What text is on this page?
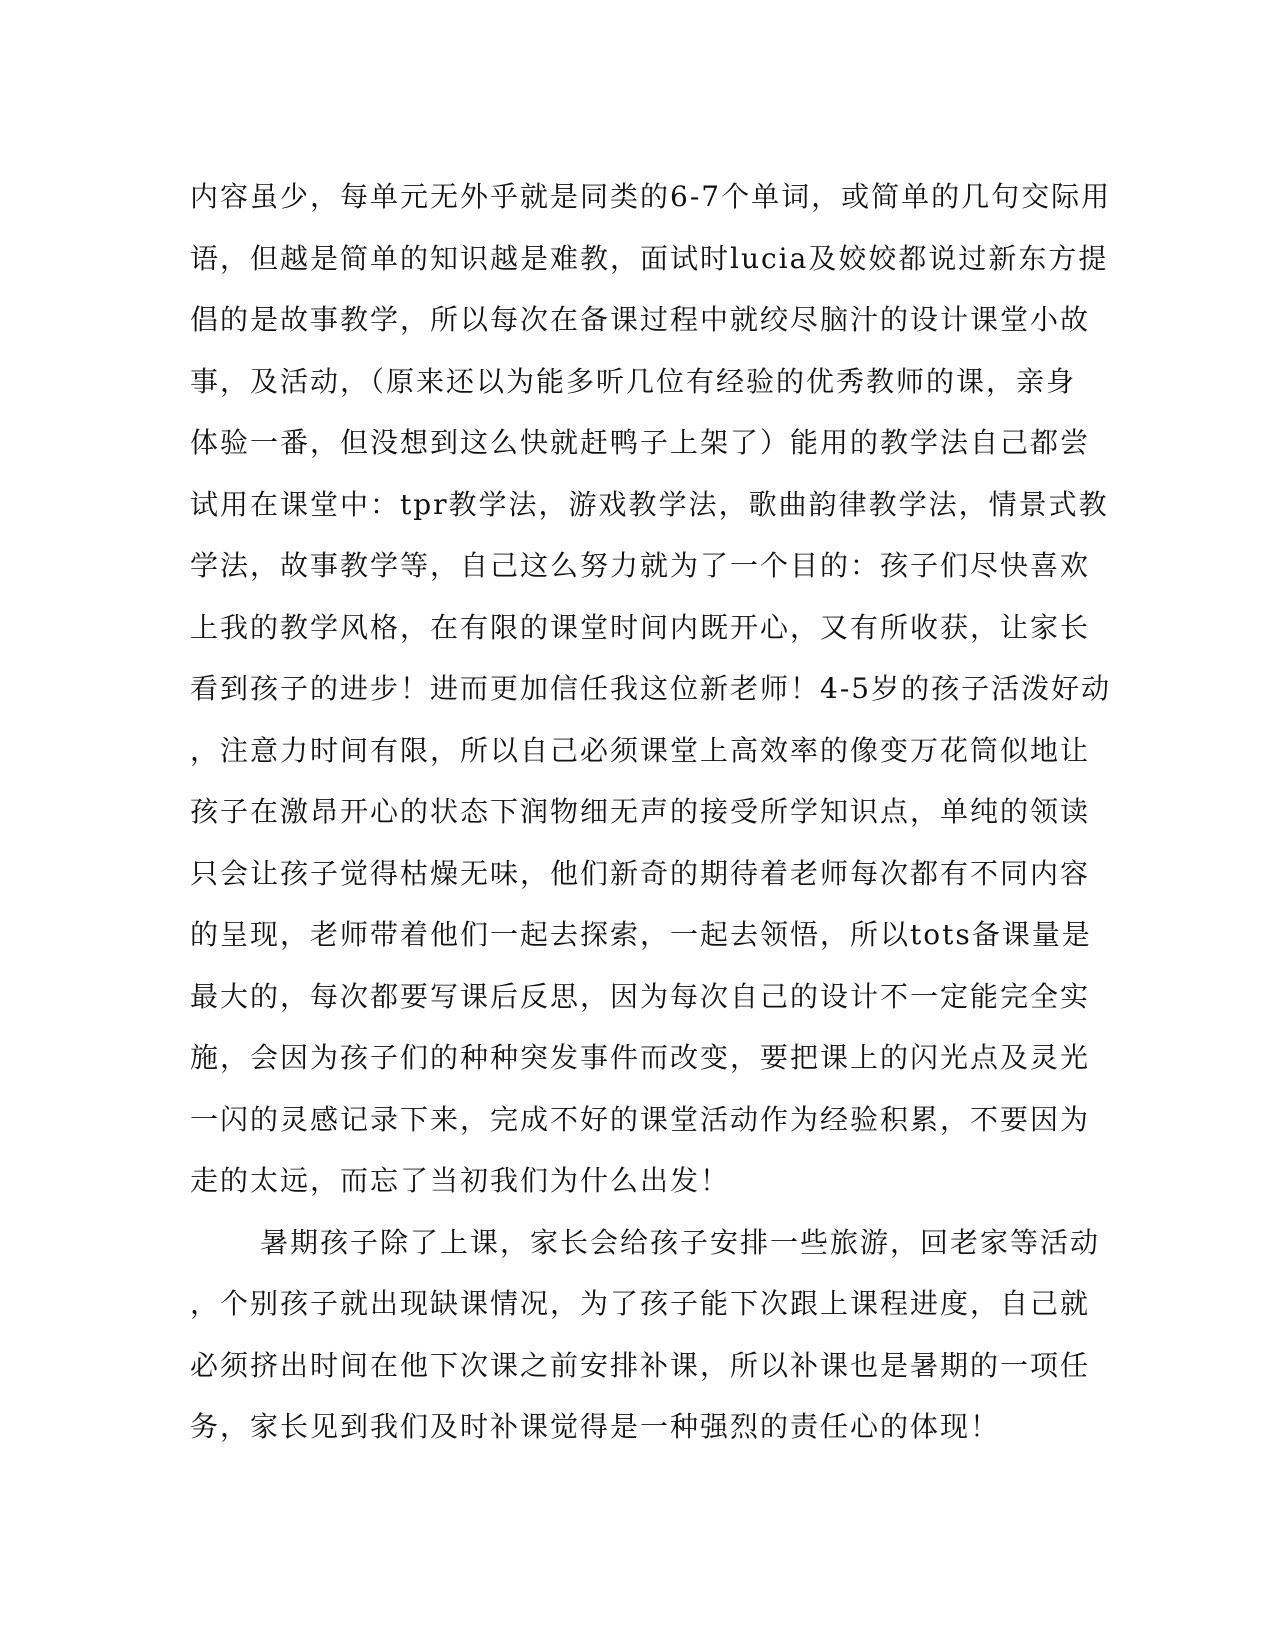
内容虽少，每单元无外乎就是同类的6-7个单词，或简单的几句交际用
语，但越是简单的知识越是难教，面试时lucia及姣姣都说过新东方提
倡的是故事教学，所以每次在备课过程中就绞尽脑汁的设计课堂小故
事，及活动，（原来还以为能多听几位有经验的优秀教师的课，亲身
体验一番，但没想到这么快就赶鸭子上架了）能用的教学法自己都尝
试用在课堂中：tpr教学法，游戏教学法，歌曲韵律教学法，情景式教
学法，故事教学等，自己这么努力就为了一个目的：孩子们尽快喜欢
上我的教学风格，在有限的课堂时间内既开心，又有所收获，让家长
看到孩子的进步！进而更加信任我这位新老师！4-5岁的孩子活泼好动
，注意力时间有限，所以自己必须课堂上高效率的像变万花筒似地让
孩子在激昂开心的状态下润物细无声的接受所学知识点，单纯的领读
只会让孩子觉得枯燥无味，他们新奇的期待着老师每次都有不同内容
的呈现，老师带着他们一起去探索，一起去领悟，所以tots备课量是
最大的，每次都要写课后反思，因为每次自己的设计不一定能完全实
施，会因为孩子们的种种突发事件而改变，要把课上的闪光点及灵光
一闪的灵感记录下来，完成不好的课堂活动作为经验积累，不要因为
走的太远，而忘了当初我们为什么出发！
暑期孩子除了上课，家长会给孩子安排一些旅游，回老家等活动
，个别孩子就出现缺课情况，为了孩子能下次跟上课程进度，自己就
必须挤出时间在他下次课之前安排补课，所以补课也是暑期的一项任
务，家长见到我们及时补课觉得是一种强烈的责任心的体现！
